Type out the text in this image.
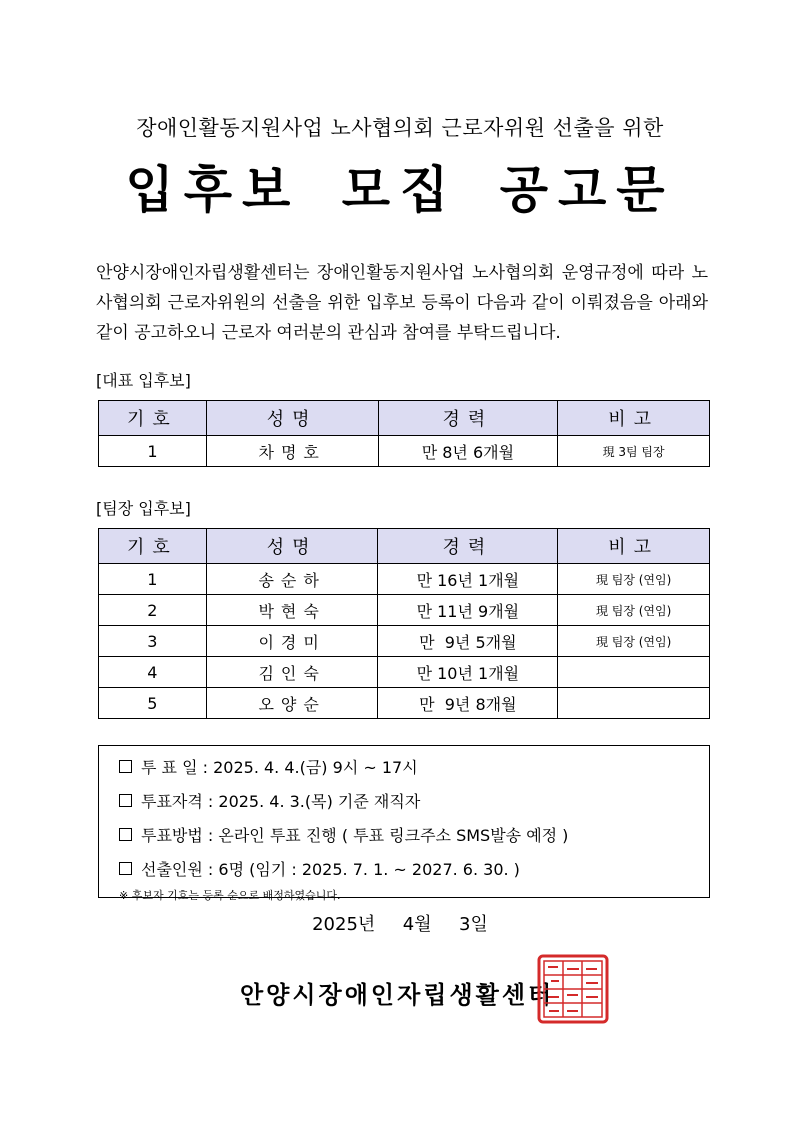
장애인활동지원사업 노사협의회 근로자위원 선출을 위한
입후보 모집 공고문
안양시장애인자립생활센터는 장애인활동지원사업 노사협의회 운영규정에 따라 노사협의회 근로자위원의 선출을 위한 입후보 등록이 다음과 같이 이뤄졌음을 아래와 같이 공고하오니 근로자 여러분의 관심과 참여를 부탁드립니다.
[대표 입후보]
기호	성명	경력	비고
1	차명호	만 8년 6개월	現 3팀 팀장
[팀장 입후보]
기호	성명	경력	비고
1	송순하	만 16년 1개월	現 팀장 (연임)
2	박현숙	만 11년 9개월	現 팀장 (연임)
3	이경미	만  9년 5개월	現 팀장 (연임)
4	김인숙	만 10년 1개월	
5	오양순	만  9년 8개월	
투 표 일 : 2025. 4. 4.(금) 9시 ~ 17시
투표자격 : 2025. 4. 3.(목) 기준 재직자
투표방법 : 온라인 투표 진행 ( 투표 링크주소 SMS발송 예정 )
선출인원 : 6명 (임기 : 2025. 7. 1. ~ 2027. 6. 30. )
※ 후보자 기호는 등록 순으로 배정하였습니다.
2025년  4월  3일
안양시장애인자립생활센터
